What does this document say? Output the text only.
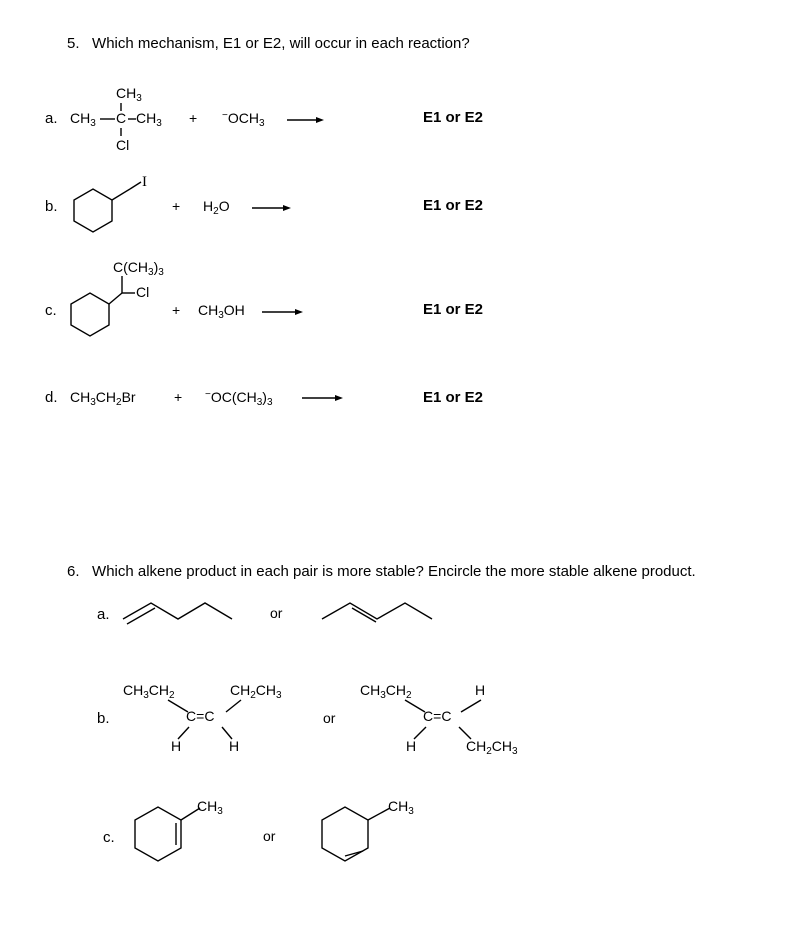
5. Which mechanism, E1 or E2, will occur in each reaction?
a.
$CH_3$
$CH_3$ C $CH_3$
Cl
+ $^-OCH_3$	E1 or E2
b.	+ $H_2O$	E1 or E2
c.
$C(CH_3)_3$
Cl
+ $CH_3OH$	E1 or E2
d. $CH_3CH_2Br$	+ $^-OC(CH_3)_3$	E1 or E2
6. Which alkene product in each pair is more stable? Encircle the more stable alkene product.
a.	or
b.	or
$CH_3CH_2$	$CH_2CH_3$
C=C
H	H
$CH_3CH_2$	H
C=C
H	$CH_2CH_3$
c.	or
$CH_3$	$CH_3$
I
